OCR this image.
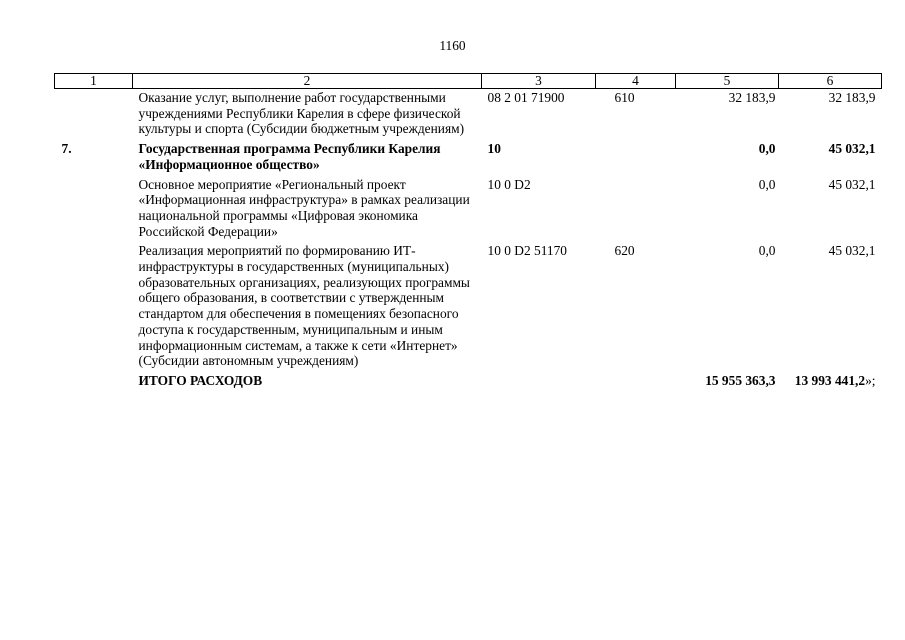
1160
1	2	3	4	5	6
	Оказание услуг, выполнение работ государственными учреждениями Республики Карелия в сфере физической культуры и спорта (Субсидии бюджетным учреждениям)	08 2 01 71900	610	32 183,9	32 183,9
7.	Государственная программа Республики Карелия «Информационное общество»	10		0,0	45 032,1
	Основное мероприятие «Региональный проект «Информационная инфраструктура» в рамках реализации национальной программы «Цифровая экономика Российской Федерации»	10 0 D2		0,0	45 032,1
	Реализация мероприятий по формированию ИТ-инфраструктуры в государственных (муниципальных) образовательных организациях, реализующих программы общего образования, в соответствии с утвержденным стандартом для обеспечения в помещениях безопасного доступа к государственным, муниципальным и иным информационным системам, а также к сети «Интернет» (Субсидии автономным учреждениям)	10 0 D2 51170	620	0,0	45 032,1
	ИТОГО РАСХОДОВ			15 955 363,3	13 993 441,2»;
